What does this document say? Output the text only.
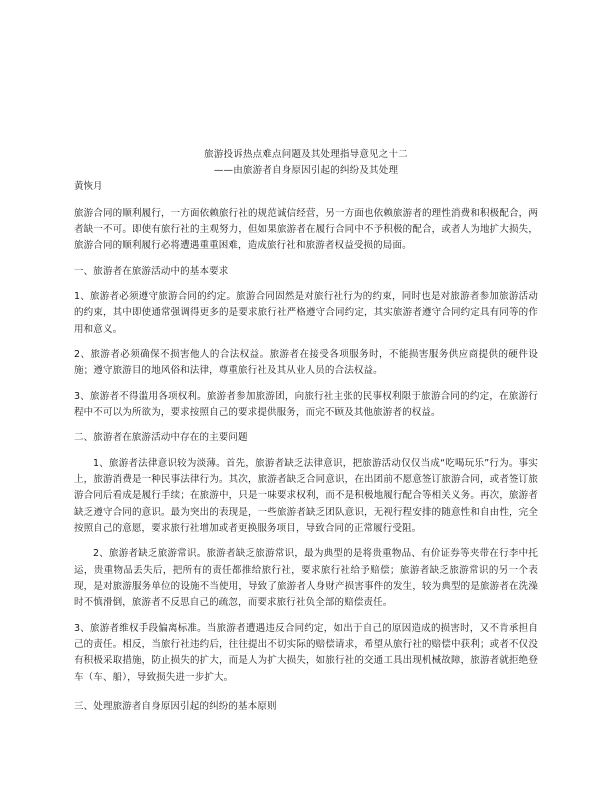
旅游投诉热点难点问题及其处理指导意见之十二
——由旅游者自身原因引起的纠纷及其处理
黄恢月

旅游合同的顺利履行，一方面依赖旅行社的规范诚信经营，另一方面也依赖旅游者的理性消费和积极配合，两者缺一不可。即使有旅行社的主观努力，但如果旅游者在履行合同中不予积极的配合，或者人为地扩大损失，旅游合同的顺利履行必将遭遇重重困难，造成旅行社和旅游者权益受损的局面。

一、旅游者在旅游活动中的基本要求

1、旅游者必须遵守旅游合同的约定。旅游合同固然是对旅行社行为的约束，同时也是对旅游者参加旅游活动的约束，其中即使通常强调得更多的是要求旅行社严格遵守合同约定，其实旅游者遵守合同约定具有同等的作用和意义。

2、旅游者必须确保不损害他人的合法权益。旅游者在接受各项服务时，不能损害服务供应商提供的硬件设施；遵守旅游目的地风俗和法律，尊重旅行社及其从业人员的合法权益。

3、旅游者不得滥用各项权利。旅游者参加旅游团，向旅行社主张的民事权利限于旅游合同的约定，在旅游行程中不可以为所欲为，要求按照自己的要求提供服务，而完不顾及其他旅游者的权益。

二、旅游者在旅游活动中存在的主要问题

1、旅游者法律意识较为淡薄。首先，旅游者缺乏法律意识，把旅游活动仅仅当成“吃喝玩乐”行为。事实上，旅游消费是一种民事法律行为。其次，旅游者缺乏合同意识，在出团前不愿意签订旅游合同，或者签订旅游合同后看成是履行手续；在旅游中，只是一味要求权利，而不是积极地履行配合等相关义务。再次，旅游者缺乏遵守合同的意识。最为突出的表现是，一些旅游者缺乏团队意识，无视行程安排的随意性和自由性，完全按照自己的意愿，要求旅行社增加或者更换服务项目，导致合同的正常履行受阻。

2、旅游者缺乏旅游常识。旅游者缺乏旅游常识，最为典型的是将贵重物品、有价证券等夹带在行李中托运，贵重物品丢失后，把所有的责任都推给旅行社，要求旅行社给予赔偿；旅游者缺乏旅游常识的另一个表现，是对旅游服务单位的设施不当使用，导致了旅游者人身财产损害事件的发生，较为典型的是旅游者在洗澡时不慎滑倒，旅游者不反思自己的疏忽，而要求旅行社负全部的赔偿责任。

3、旅游者维权手段偏离标准。当旅游者遭遇违反合同约定，如出于自己的原因造成的损害时，又不肯承担自己的责任。相反，当旅行社违约后，往往提出不切实际的赔偿请求，希望从旅行社的赔偿中获利；或者不仅没有积极采取措施，防止损失的扩大，而是人为扩大损失，如旅行社的交通工具出现机械故障，旅游者就拒绝登车（车、船），导致损失进一步扩大。

三、处理旅游者自身原因引起的纠纷的基本原则
